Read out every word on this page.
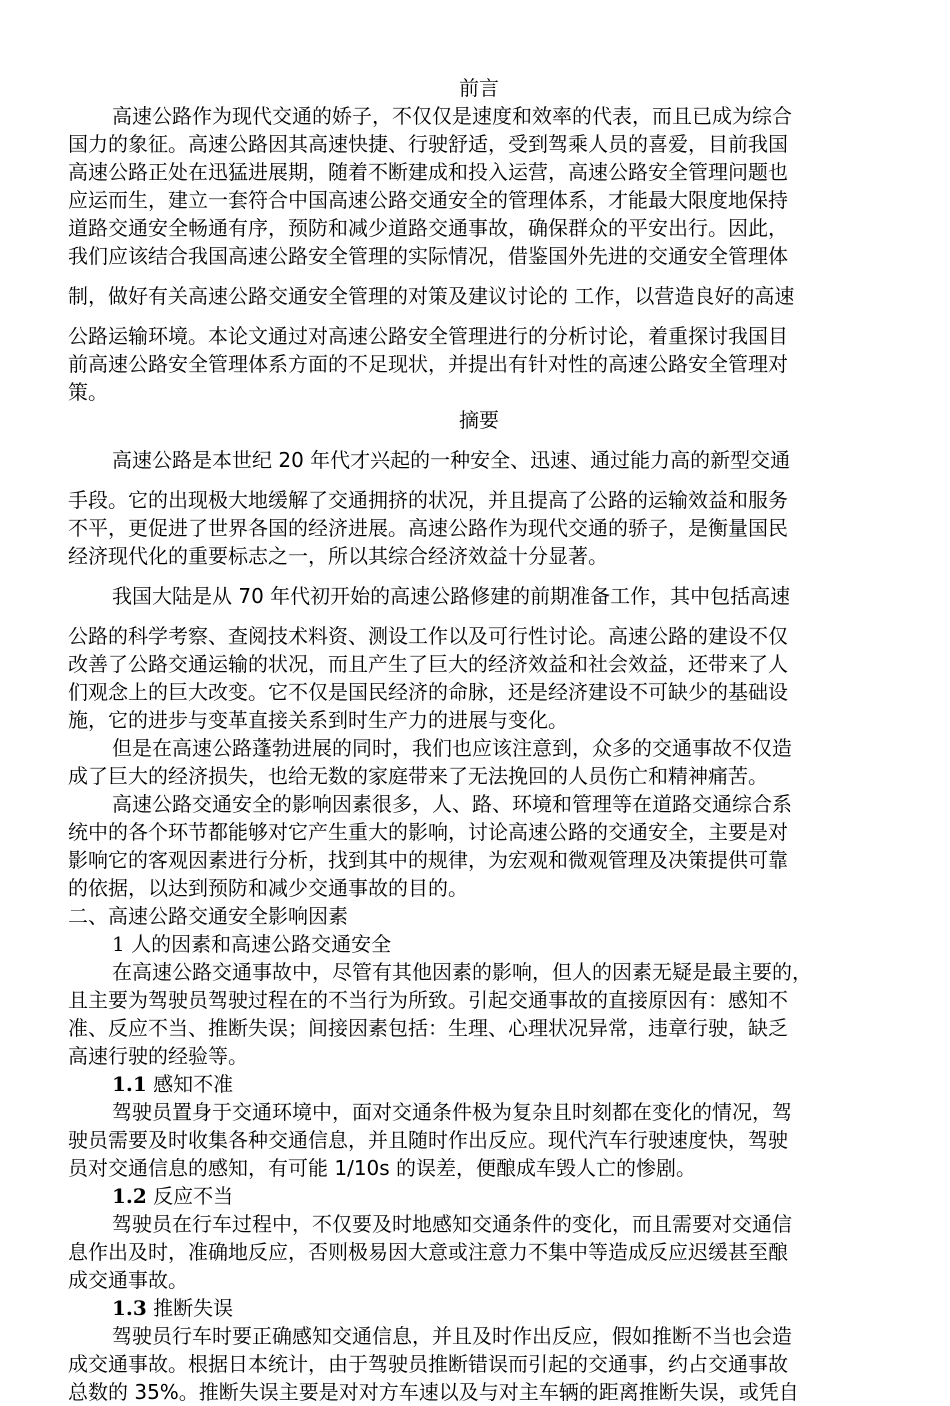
前言

高速公路作为现代交通的娇子，不仅仅是速度和效率的代表，而且已成为综合

国力的象征。高速公路因其高速快捷、行驶舒适，受到驾乘人员的喜爱，目前我国

高速公路正处在迅猛进展期，随着不断建成和投入运营，高速公路安全管理问题也

应运而生，建立一套符合中国高速公路交通安全的管理体系，才能最大限度地保持

道路交通安全畅通有序，预防和减少道路交通事故，确保群众的平安出行。因此，

我们应该结合我国高速公路安全管理的实际情况，借鉴国外先进的交通安全管理体

制，做好有关高速公路交通安全管理的对策及建议讨论的 工作，以营造良好的高速

公路运输环境。本论文通过对高速公路安全管理进行的分析讨论，着重探讨我国目

前高速公路安全管理体系方面的不足现状，并提出有针对性的高速公路安全管理对

策。

摘要

高速公路是本世纪 20 年代才兴起的一种安全、迅速、通过能力高的新型交通

手段。它的出现极大地缓解了交通拥挤的状况，并且提高了公路的运输效益和服务

不平，更促进了世界各国的经济进展。高速公路作为现代交通的骄子，是衡量国民

经济现代化的重要标志之一，所以其综合经济效益十分显著。

我国大陆是从 70 年代初开始的高速公路修建的前期准备工作，其中包括高速

公路的科学考察、查阅技术料资、测设工作以及可行性讨论。高速公路的建设不仅

改善了公路交通运输的状况，而且产生了巨大的经济效益和社会效益，还带来了人

们观念上的巨大改变。它不仅是国民经济的命脉，还是经济建设不可缺少的基础设

施，它的进步与变革直接关系到时生产力的进展与变化。

但是在高速公路蓬勃进展的同时，我们也应该注意到，众多的交通事故不仅造

成了巨大的经济损失，也给无数的家庭带来了无法挽回的人员伤亡和精神痛苦。

高速公路交通安全的影响因素很多，人、路、环境和管理等在道路交通综合系

统中的各个环节都能够对它产生重大的影响，讨论高速公路的交通安全，主要是对

影响它的客观因素进行分析，找到其中的规律，为宏观和微观管理及决策提供可靠

的依据，以达到预防和减少交通事故的目的。

二、高速公路交通安全影响因素

1 人的因素和高速公路交通安全

在高速公路交通事故中，尽管有其他因素的影响，但人的因素无疑是最主要的，

且主要为驾驶员驾驶过程在的不当行为所致。引起交通事故的直接原因有：感知不

准、反应不当、推断失误；间接因素包括：生理、心理状况异常，违章行驶，缺乏

高速行驶的经验等。

1.1 感知不准

驾驶员置身于交通环境中，面对交通条件极为复杂且时刻都在变化的情况，驾

驶员需要及时收集各种交通信息，并且随时作出反应。现代汽车行驶速度快，驾驶

员对交通信息的感知，有可能 1/10s 的误差，便酿成车毁人亡的惨剧。

1.2 反应不当

驾驶员在行车过程中，不仅要及时地感知交通条件的变化，而且需要对交通信

息作出及时，准确地反应，否则极易因大意或注意力不集中等造成反应迟缓甚至酿

成交通事故。

1.3 推断失误

驾驶员行车时要正确感知交通信息，并且及时作出反应，假如推断不当也会造

成交通事故。根据日本统计，由于驾驶员推断错误而引起的交通事，约占交通事故

总数的 35%。推断失误主要是对对方车速以及与对主车辆的距离推断失误，或凭自
